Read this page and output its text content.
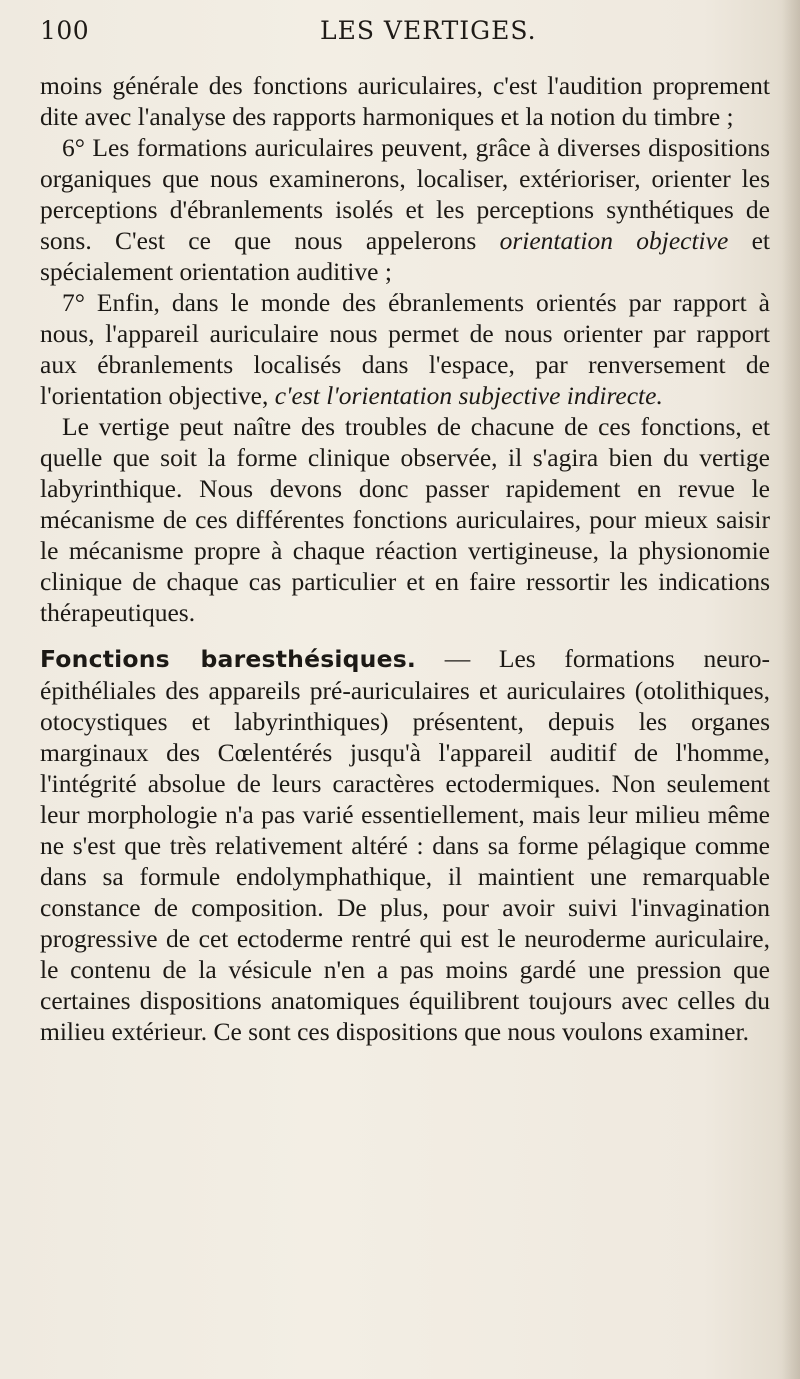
100	LES VERTIGES.

moins générale des fonctions auriculaires, c'est l'audition proprement dite avec l'analyse des rapports harmoniques et la notion du timbre ;

6° Les formations auriculaires peuvent, grâce à diverses dispositions organiques que nous examinerons, localiser, extérioriser, orienter les perceptions d'ébranlements isolés et les perceptions synthétiques de sons. C'est ce que nous appelerons orientation objective et spécialement orientation auditive ;

7° Enfin, dans le monde des ébranlements orientés par rapport à nous, l'appareil auriculaire nous permet de nous orienter par rapport aux ébranlements localisés dans l'espace, par renversement de l'orientation objective, c'est l'orientation subjective indirecte.

Le vertige peut naître des troubles de chacune de ces fonctions, et quelle que soit la forme clinique observée, il s'agira bien du vertige labyrinthique. Nous devons donc passer rapidement en revue le mécanisme de ces différentes fonctions auriculaires, pour mieux saisir le mécanisme propre à chaque réaction vertigineuse, la physionomie clinique de chaque cas particulier et en faire ressortir les indications thérapeutiques.

Fonctions baresthésiques. — Les formations neuro-épithéliales des appareils pré-auriculaires et auriculaires (otolithiques, otocystiques et labyrinthiques) présentent, depuis les organes marginaux des Cœlentérés jusqu'à l'appareil auditif de l'homme, l'intégrité absolue de leurs caractères ectodermiques. Non seulement leur morphologie n'a pas varié essentiellement, mais leur milieu même ne s'est que très relativement altéré : dans sa forme pélagique comme dans sa formule endolymphathique, il maintient une remarquable constance de composition. De plus, pour avoir suivi l'invagination progressive de cet ectoderme rentré qui est le neuroderme auriculaire, le contenu de la vésicule n'en a pas moins gardé une pression que certaines dispositions anatomiques équilibrent toujours avec celles du milieu extérieur. Ce sont ces dispositions que nous voulons examiner.
